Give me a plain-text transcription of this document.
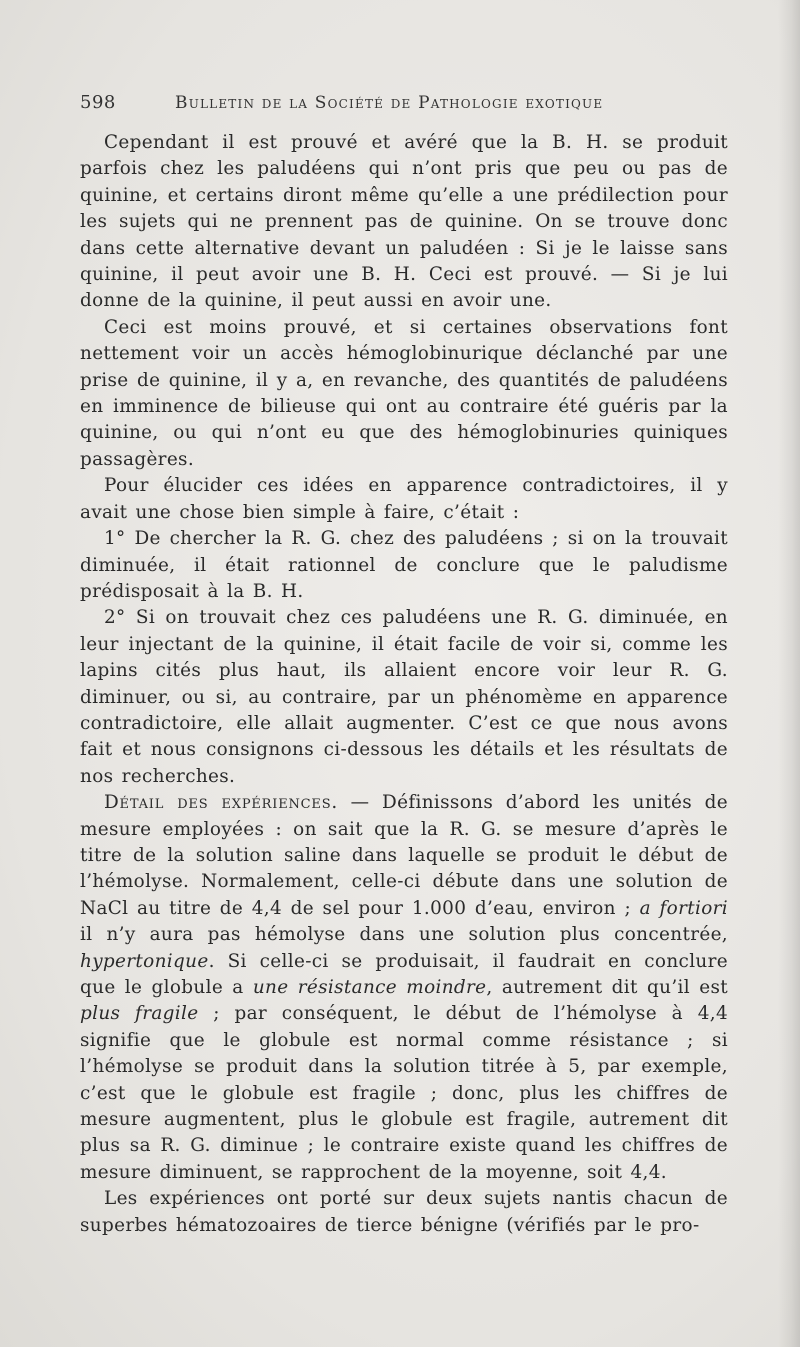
598	Bulletin de la Société de Pathologie exotique

Cependant il est prouvé et avéré que la B. H. se produit parfois chez les paludéens qui n’ont pris que peu ou pas de quinine, et certains diront même qu’elle a une prédilection pour les sujets qui ne prennent pas de quinine. On se trouve donc dans cette alternative devant un paludéen : Si je le laisse sans quinine, il peut avoir une B. H. Ceci est prouvé. — Si je lui donne de la quinine, il peut aussi en avoir une.

Ceci est moins prouvé, et si certaines observations font nettement voir un accès hémoglobinurique déclanché par une prise de quinine, il y a, en revanche, des quantités de paludéens en imminence de bilieuse qui ont au contraire été guéris par la quinine, ou qui n’ont eu que des hémoglobinuries quiniques passagères.

Pour élucider ces idées en apparence contradictoires, il y avait une chose bien simple à faire, c’était :

1° De chercher la R. G. chez des paludéens ; si on la trouvait diminuée, il était rationnel de conclure que le paludisme prédisposait à la B. H.

2° Si on trouvait chez ces paludéens une R. G. diminuée, en leur injectant de la quinine, il était facile de voir si, comme les lapins cités plus haut, ils allaient encore voir leur R. G. diminuer, ou si, au contraire, par un phénomème en apparence contradictoire, elle allait augmenter. C’est ce que nous avons fait et nous consignons ci-dessous les détails et les résultats de nos recherches.

Détail des expériences. — Définissons d’abord les unités de mesure employées : on sait que la R. G. se mesure d’après le titre de la solution saline dans laquelle se produit le début de l’hémolyse. Normalement, celle-ci débute dans une solution de NaCl au titre de 4,4 de sel pour 1.000 d’eau, environ ; a fortiori il n’y aura pas hémolyse dans une solution plus concentrée, hypertonique. Si celle-ci se produisait, il faudrait en conclure que le globule a une résistance moindre, autrement dit qu’il est plus fragile ; par conséquent, le début de l’hémolyse à 4,4 signifie que le globule est normal comme résistance ; si l’hémolyse se produit dans la solution titrée à 5, par exemple, c’est que le globule est fragile ; donc, plus les chiffres de mesure augmentent, plus le globule est fragile, autrement dit plus sa R. G. diminue ; le contraire existe quand les chiffres de mesure diminuent, se rapprochent de la moyenne, soit 4,4.

Les expériences ont porté sur deux sujets nantis chacun de superbes hématozoaires de tierce bénigne (vérifiés par le pro-
